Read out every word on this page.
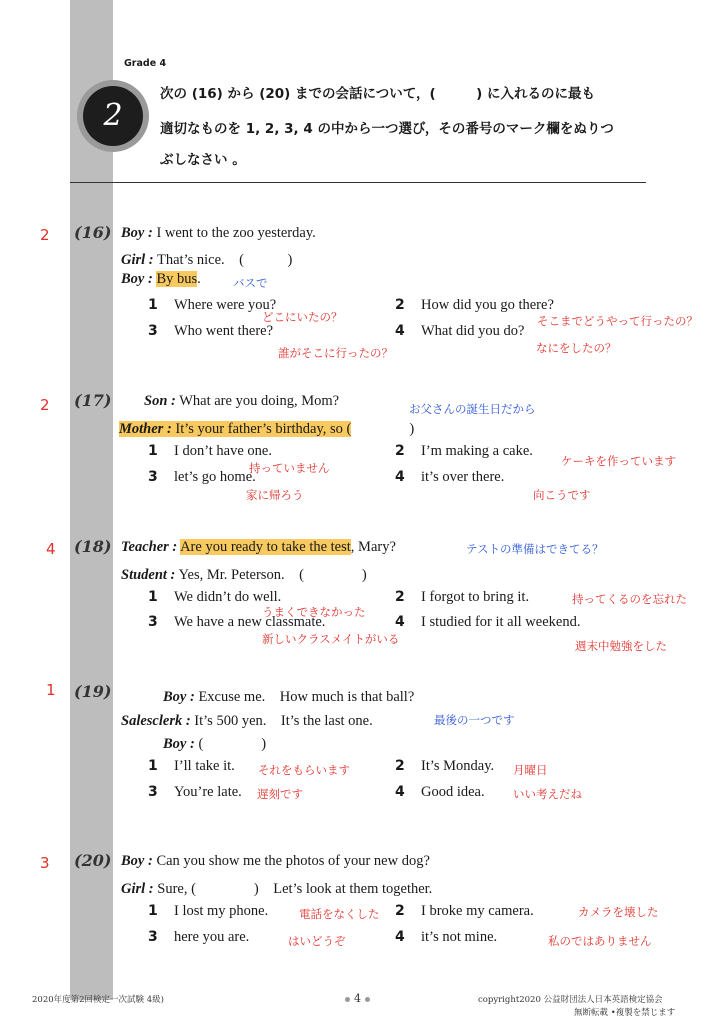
Grade 4
2
次の (16) から (20) までの会話について，(　　　) に入れるのに最も
適切なものを 1, 2, 3, 4 の中から一つ選び，その番号のマーク欄をぬりつ
ぶしなさい 。
2 (16) Boy : I went to the zoo yesterday.
Girl : That’s nice.　(　　　)
Boy : By bus.	バスで
1 Where were you?	2 How did you go there?
どこにいたの？	そこまでどうやって行ったの？
3 Who went there?	4 What did you do?
なにをしたの？
誰がそこに行ったの？
2 (17) Son : What are you doing, Mom?	お父さんの誕生日だから
Mother : It’s your father’s birthday, so (　　　　)
1 I don’t have one.	2 I’m making a cake.
ケーキを作っています
持っていません
3 let’s go home.	4 it’s over there.
家に帰ろう	向こうです
4 (18) Teacher : Are you ready to take the test, Mary?	テストの準備はできてる？
Student : Yes, Mr. Peterson.　(　　　　)
1 We didn’t do well.	2 I forgot to bring it.	持ってくるのを忘れた
うまくできなかった
3 We have a new classmate.	4 I studied for it all weekend.
新しいクラスメイトがいる	週末中勉強をした
1 (19)	Boy : Excuse me.　How much is that ball?
Salesclerk : It’s 500 yen.　It’s the last one.	最後の一つです
Boy : (　　　　)
1 I’ll take it. それをもらいます	2 It’s Monday. 月曜日
3 You’re late. 遅刻です	4 Good idea. いい考えだね
3 (20) Boy : Can you show me the photos of your new dog?
Girl : Sure, (　　　　)　Let’s look at them together.
1 I lost my phone.	電話をなくした 2 I broke my camera.	カメラを壊した
3 here you are.	はいどうぞ	4 it’s not mine.	私のではありません
2020年度第2回検定一次試験 4級)	4	copyright2020 公益財団法人日本英語検定協会
無断転載 •複製を禁じます
